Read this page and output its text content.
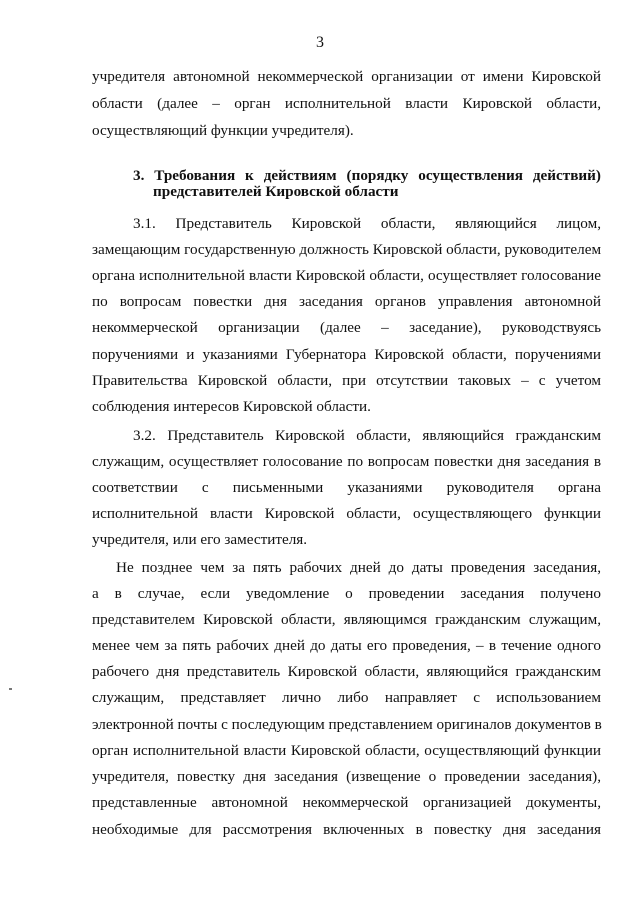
3
учредителя автономной некоммерческой организации от имени Кировской
области (далее – орган исполнительной власти Кировской области,
осуществляющий функции учредителя).
3. Требования к действиям (порядку осуществления действий)
представителей Кировской области
3.1. Представитель Кировской области, являющийся лицом,
замещающим государственную должность Кировской области, руководителем
органа исполнительной власти Кировской области, осуществляет голосование
по вопросам повестки дня заседания органов управления автономной
некоммерческой организации (далее – заседание), руководствуясь
поручениями и указаниями Губернатора Кировской области, поручениями
Правительства Кировской области, при отсутствии таковых – с учетом
соблюдения интересов Кировской области.
3.2. Представитель Кировской области, являющийся гражданским
служащим, осуществляет голосование по вопросам повестки дня заседания в
соответствии с письменными указаниями руководителя органа
исполнительной власти Кировской области, осуществляющего функции
учредителя, или его заместителя.
Не позднее чем за пять рабочих дней до даты проведения заседания,
а в случае, если уведомление о проведении заседания получено
представителем Кировской области, являющимся гражданским служащим,
менее чем за пять рабочих дней до даты его проведения, – в течение одного
рабочего дня представитель Кировской области, являющийся гражданским
служащим, представляет лично либо направляет с использованием
электронной почты с последующим представлением оригиналов документов в
орган исполнительной власти Кировской области, осуществляющий функции
учредителя, повестку дня заседания (извещение о проведении заседания),
представленные автономной некоммерческой организацией документы,
необходимые для рассмотрения включенных в повестку дня заседания
